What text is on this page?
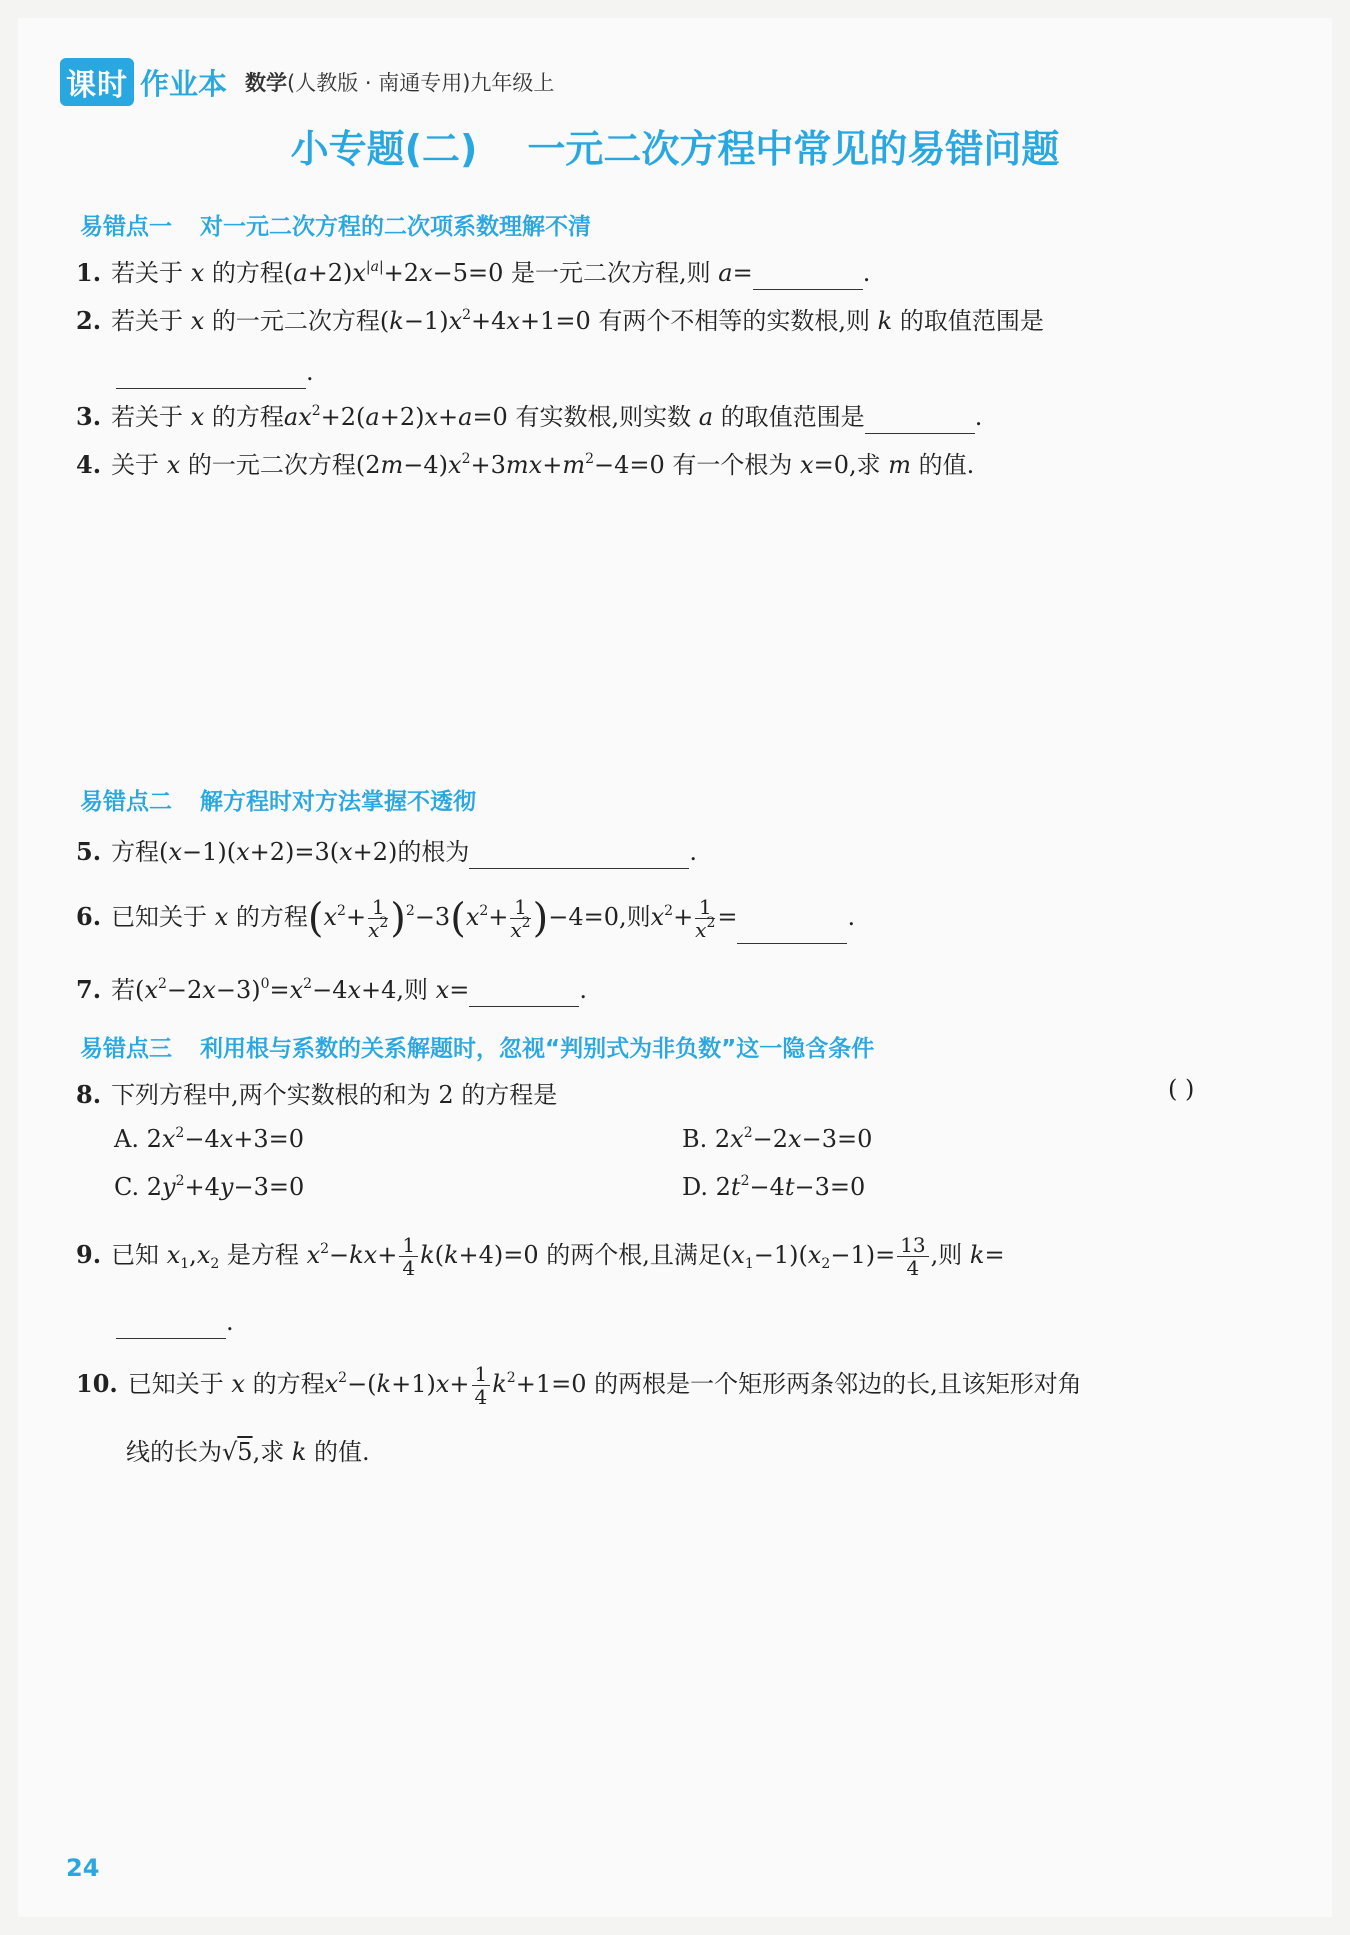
课时 作业本 数学(人教版 · 南通专用)九年级上
小专题(二) 一元二次方程中常见的易错问题
易错点一 对一元二次方程的二次项系数理解不清
1. 若关于 x 的方程$(a+2)x^{|a|}+2x-5=0$ 是一元二次方程,则 a=	.
2. 若关于 x 的一元二次方程$(k-1)x^2+4x+1=0$ 有两个不相等的实数根,则 k 的取值范围是
.
3. 若关于 x 的方程$ax^2+2(a+2)x+a=0$ 有实数根,则实数 a 的取值范围是	.
4. 关于 x 的一元二次方程$(2m-4)x^2+3mx+m^2-4=0$ 有一个根为 x=0,求 m 的值.
易错点二 解方程时对方法掌握不透彻
5. 方程(x−1)(x+2)=3(x+2)的根为	.
6. 已知关于 x 的方程$(x^2+ \frac{1}{x^2} )^2-3(x^2+ \frac{1}{x^2} )-4=0$,则$x^2+ \frac{1}{x^2}$ =	.
7. 若$(x^2-2x-3)^0=x^2-4x+4$,则 x=	.
易错点三 利用根与系数的关系解题时，忽视“判别式为非负数”这一隐含条件
8. 下列方程中,两个实数根的和为 2 的方程是	( )
A. $2x^2-4x+3=0$	B. $2x^2-2x-3=0$
C. $2y^2+4y-3=0$	D. $2t^2-4t-3=0$
9. 已知 $x_1,x_2$ 是方程 $x^2-kx+ \frac{1}{4} k(k+4)=0$ 的两个根,且满足$(x_1-1)(x_2-1)= \frac{13}{4}$ ,则 k=
.
10. 已知关于 x 的方程$x^2-(k+1)x+ \frac{1}{4} k^2+1=0$ 的两根是一个矩形两条邻边的长,且该矩形对角
线的长为√5,求 k 的值.
24
